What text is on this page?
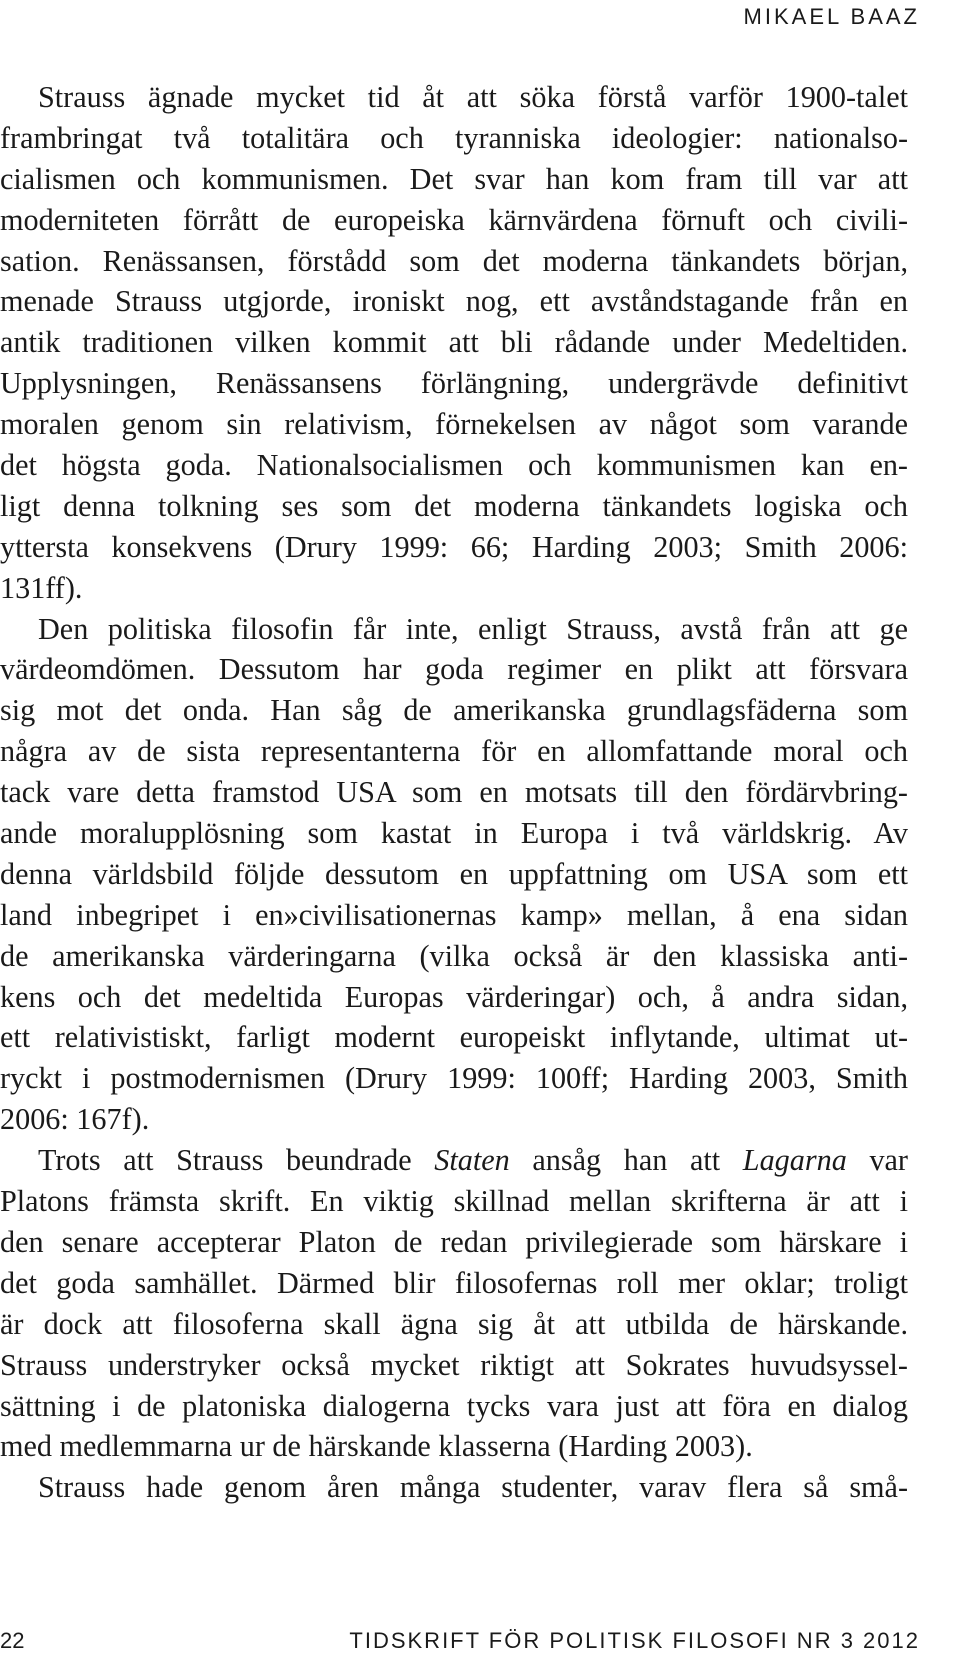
MIKAEL BAAZ
Strauss ägnade mycket tid åt att söka förstå varför 1900-talet
frambringat två totalitära och tyranniska ideologier: nationalso-
cialismen och kommunismen. Det svar han kom fram till var att
moderniteten förrått de europeiska kärnvärdena förnuft och civili-
sation. Renässansen, förstådd som det moderna tänkandets början,
menade Strauss utgjorde, ironiskt nog, ett avståndstagande från en
antik traditionen vilken kommit att bli rådande under Medeltiden.
Upplysningen, Renässansens förlängning, undergrävde definitivt
moralen genom sin relativism, förnekelsen av något som varande
det högsta goda. Nationalsocialismen och kommunismen kan en-
ligt denna tolkning ses som det moderna tänkandets logiska och
yttersta konsekvens (Drury 1999: 66; Harding 2003; Smith 2006:
131ff).
Den politiska filosofin får inte, enligt Strauss, avstå från att ge
värdeomdömen. Dessutom har goda regimer en plikt att försvara
sig mot det onda. Han såg de amerikanska grundlagsfäderna som
några av de sista representanterna för en allomfattande moral och
tack vare detta framstod USA som en motsats till den fördärvbring-
ande moralupplösning som kastat in Europa i två världskrig. Av
denna världsbild följde dessutom en uppfattning om USA som ett
land inbegripet i en»civilisationernas kamp» mellan, å ena sidan
de amerikanska värderingarna (vilka också är den klassiska anti-
kens och det medeltida Europas värderingar) och, å andra sidan,
ett relativistiskt, farligt modernt europeiskt inflytande, ultimat ut-
ryckt i postmodernismen (Drury 1999: 100ff; Harding 2003, Smith
2006: 167f).
Trots att Strauss beundrade Staten ansåg han att Lagarna var
Platons främsta skrift. En viktig skillnad mellan skrifterna är att i
den senare accepterar Platon de redan privilegierade som härskare i
det goda samhället. Därmed blir filosofernas roll mer oklar; troligt
är dock att filosoferna skall ägna sig åt att utbilda de härskande.
Strauss understryker också mycket riktigt att Sokrates huvudsyssel-
sättning i de platoniska dialogerna tycks vara just att föra en dialog
med medlemmarna ur de härskande klasserna (Harding 2003).
Strauss hade genom åren många studenter, varav flera så små-
22	TIDSKRIFT FÖR POLITISK FILOSOFI NR 3 2012
